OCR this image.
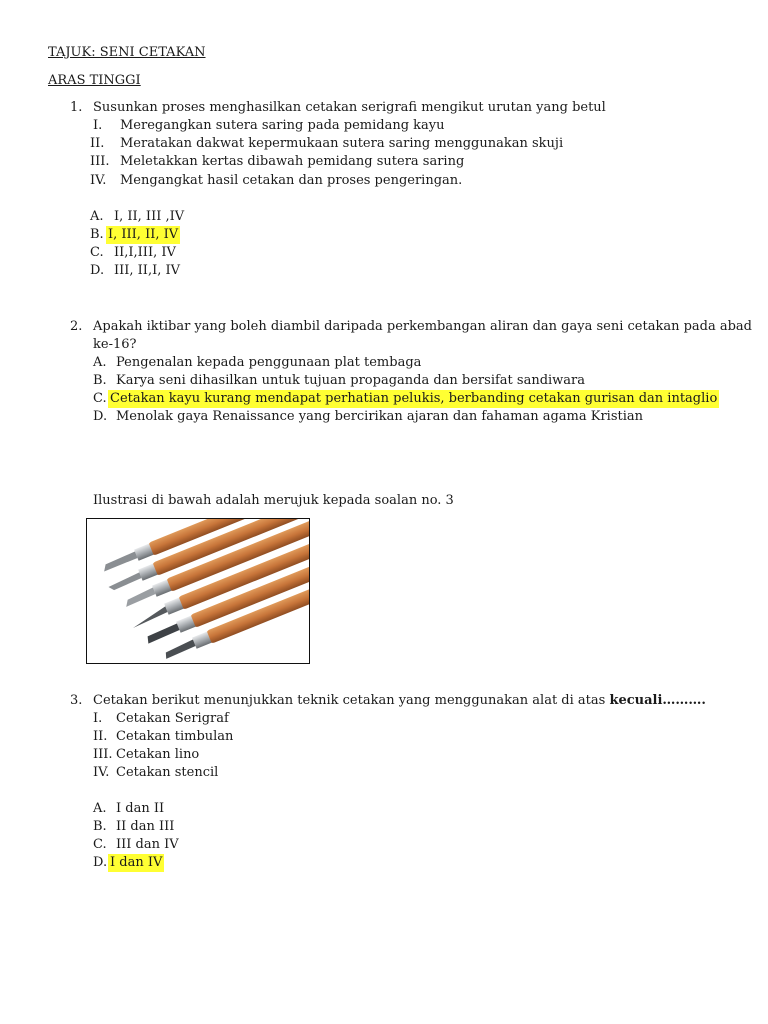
TAJUK: SENI CETAKAN
ARAS TINGGI
1. Susunkan proses menghasilkan cetakan serigrafi mengikut urutan yang betul
I. Meregangkan sutera saring pada pemidang kayu
II. Meratakan dakwat kepermukaan sutera saring menggunakan skuji
III. Meletakkan kertas dibawah pemidang sutera saring
IV. Mengangkat hasil cetakan dan proses pengeringan.
A. I, II, III ,IV
B. I, III, II, IV
C. II,I,III, IV
D. III, II,I, IV
2. Apakah iktibar yang boleh diambil daripada perkembangan aliran dan gaya seni cetakan pada abad
ke-16?
A. Pengenalan kepada penggunaan plat tembaga
B. Karya seni dihasilkan untuk tujuan propaganda dan bersifat sandiwara
C. Cetakan kayu kurang mendapat perhatian pelukis, berbanding cetakan gurisan dan intaglio
D. Menolak gaya Renaissance yang bercirikan ajaran dan fahaman agama Kristian
Ilustrasi di bawah adalah merujuk kepada soalan no. 3
3. Cetakan berikut menunjukkan teknik cetakan yang menggunakan alat di atas kecuali……….
I. Cetakan Serigraf
II. Cetakan timbulan
III. Cetakan lino
IV. Cetakan stencil
A. I dan II
B. II dan III
C. III dan IV
D. I dan IV
